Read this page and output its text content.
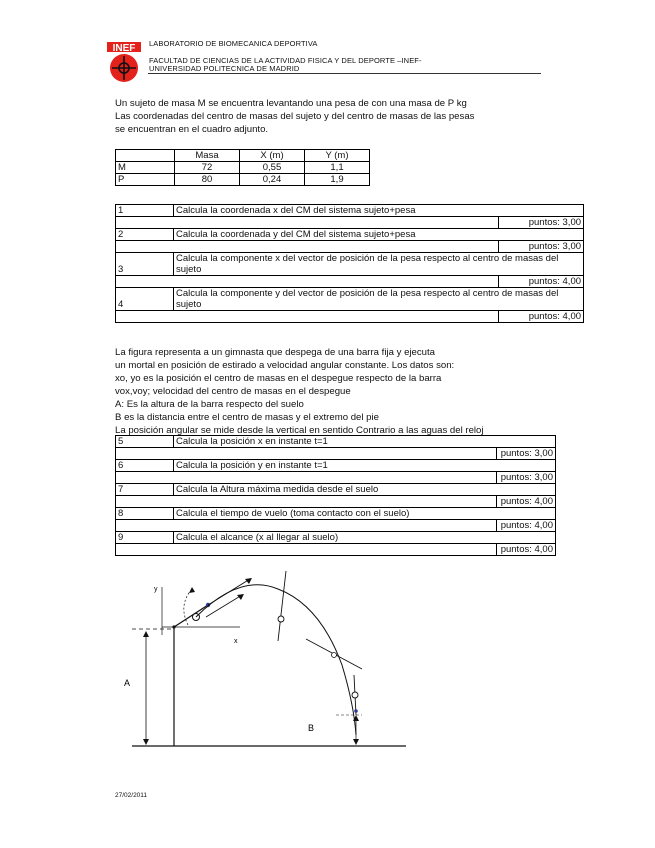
INEF LABORATORIO DE BIOMECANICA DEPORTIVA
FACULTAD DE CIENCIAS DE LA ACTIVIDAD FISICA Y DEL DEPORTE –INEF-
UNIVERSIDAD POLITECNICA DE MADRID
Un sujeto de masa M se encuentra levantando una pesa de con una masa de P kg
Las coordenadas del centro de masas del sujeto y del centro de masas de las pesas
se encuentran en el cuadro adjunto.
	Masa	X (m)	Y (m)
M	72	0,55	1,1
P	80	0,24	1,9
1	Calcula la coordenada x del CM del sistema sujeto+pesa	
		puntos: 3,00
2	Calcula la coordenada y del CM del sistema sujeto+pesa	
		puntos: 3,00
3	Calcula la componente x del vector de posición de la pesa respecto al centro de masas del
sujeto	

		puntos: 4,00
4	Calcula la componente y del vector de posición de la pesa respecto al centro de masas del
sujeto	

		puntos: 4,00
La figura representa a un gimnasta que despega de una barra fija y ejecuta
un mortal en posición de estirado a velocidad angular constante. Los datos son:
xo, yo es la posición el centro de masas en el despegue respecto de la barra
vox,voy; velocidad del centro de masas en el despegue
A: Es la altura de la barra respecto del suelo
B es la distancia entre el centro de masas y el extremo del pie
La posición angular se mide desde la vertical en sentido Contrario a las aguas del reloj
5	Calcula la posición x en instante t=1	
		puntos: 3,00
6	Calcula la posición y en instante t=1	
		puntos: 3,00
7	Calcula la Altura máxima medida desde el suelo	
		puntos: 4,00
8	Calcula el tiempo de vuelo (toma contacto con el suelo)	
		puntos: 4,00
9	Calcula el alcance (x al llegar al suelo)	
		puntos: 4,00
A
y
x
B
27/02/2011
